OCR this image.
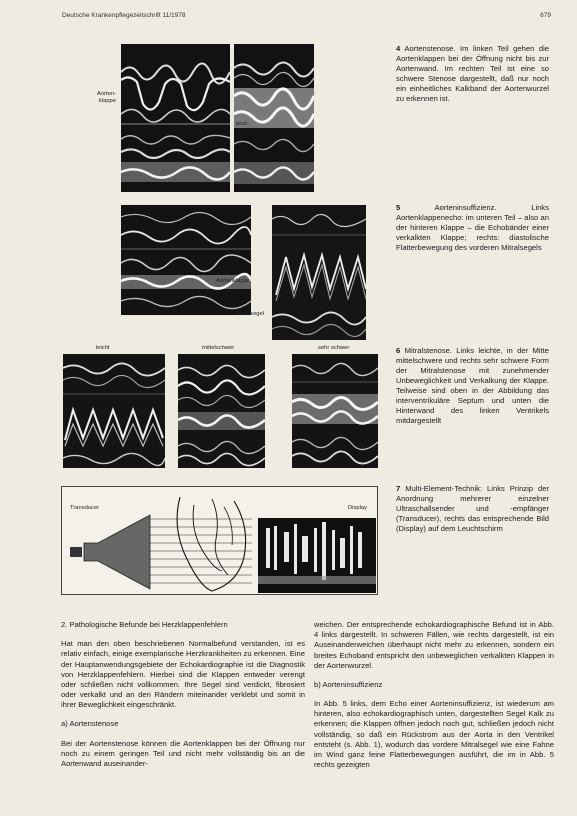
Deutsche Krankenpflegezeitschrift 11/1978	679
Aorten-
klappe
ant.
post.
4 Aortenstenose. Im linken Teil gehen die Aortenklappen bei der Öffnung nicht bis zur Aortenwand. Im rechten Teil ist eine so schwere Stenose dargestellt, daß nur noch ein einheitliches Kalkband der Aortenwurzel zu erkennen ist.
Aortenklappe
Mitralsegel
5	Aorteninsuffizienz. Links Aortenklappenecho: im unteren Teil – also an der hinteren Klappe – die Echobänder einer verkalkten Klappe; rechts: diastolische Flatterbewegung des vorderen Mitralsegels
leicht	mittelschwer	sehr schwer	6 Mitralstenose. Links leichte, in der Mitte mittelschwere und rechts sehr schwere Form der Mitralstenose mit zunehmender Unbeweglichkeit und Verkalkung der Klappe. Teilweise sind oben in der Abbildung das interventrikuläre Septum und unten die Hinterwand des linken Ventrikels mitdargestellt
Transducer	Display
7 Multi-Element-Technik: Links Prinzip der Anordnung mehrerer einzelner Ultraschallsender und -empfänger (Transducer), rechts das entsprechende Bild (Display) auf dem Leuchtschirm

2. Pathologische Befunde bei Herzklappenfehlern

Hat man den oben beschriebenen Normalbefund verstanden, ist es relativ einfach, einige exemplarische Herzkrankheiten zu erkennen. Eine der Hauptanwendungsgebiete der Echokardiographie ist die Diagnostik von Herzklappenfehlern. Hierbei sind die Klappen entweder verengt oder schließen nicht vollkommen. Ihre Segel sind verdickt, fibrosiert oder verkalkt und an den Rändern miteinander verklebt und somit in ihrer Beweglichkeit eingeschränkt.

a) Aortenstenose

Bei der Aortenstenose können die Aortenklappen bei der Öffnung nur noch zu einem geringen Teil und nicht mehr vollständig bis an die Aortenwand auseinander-

weichen. Der entsprechende echokardiographische Befund ist in Abb. 4 links dargestellt. In schweren Fällen, wie rechts dargestellt, ist ein Auseinanderweichen überhaupt nicht mehr zu erkennen, sondern ein breites Echoband entspricht den unbeweglichen verkalkten Klappen in der Aortenwurzel.

b) Aorteninsuffizienz

In Abb. 5 links, dem Echo einer Aorteninsuffizienz, ist wiederum am hinteren, also echokardiographisch unten, dargestellten Segel Kalk zu erkennen; die Klappen öffnen jedoch noch gut, schließen jedoch nicht vollständig, so daß ein Rückstrom aus der Aorta in den Ventrikel entsteht (s. Abb. 1), wodurch das vordere Mitralsegel wie eine Fahne im Wind ganz feine Flatterbewegungen ausführt, die im in Abb. 5 rechts gezeigten
